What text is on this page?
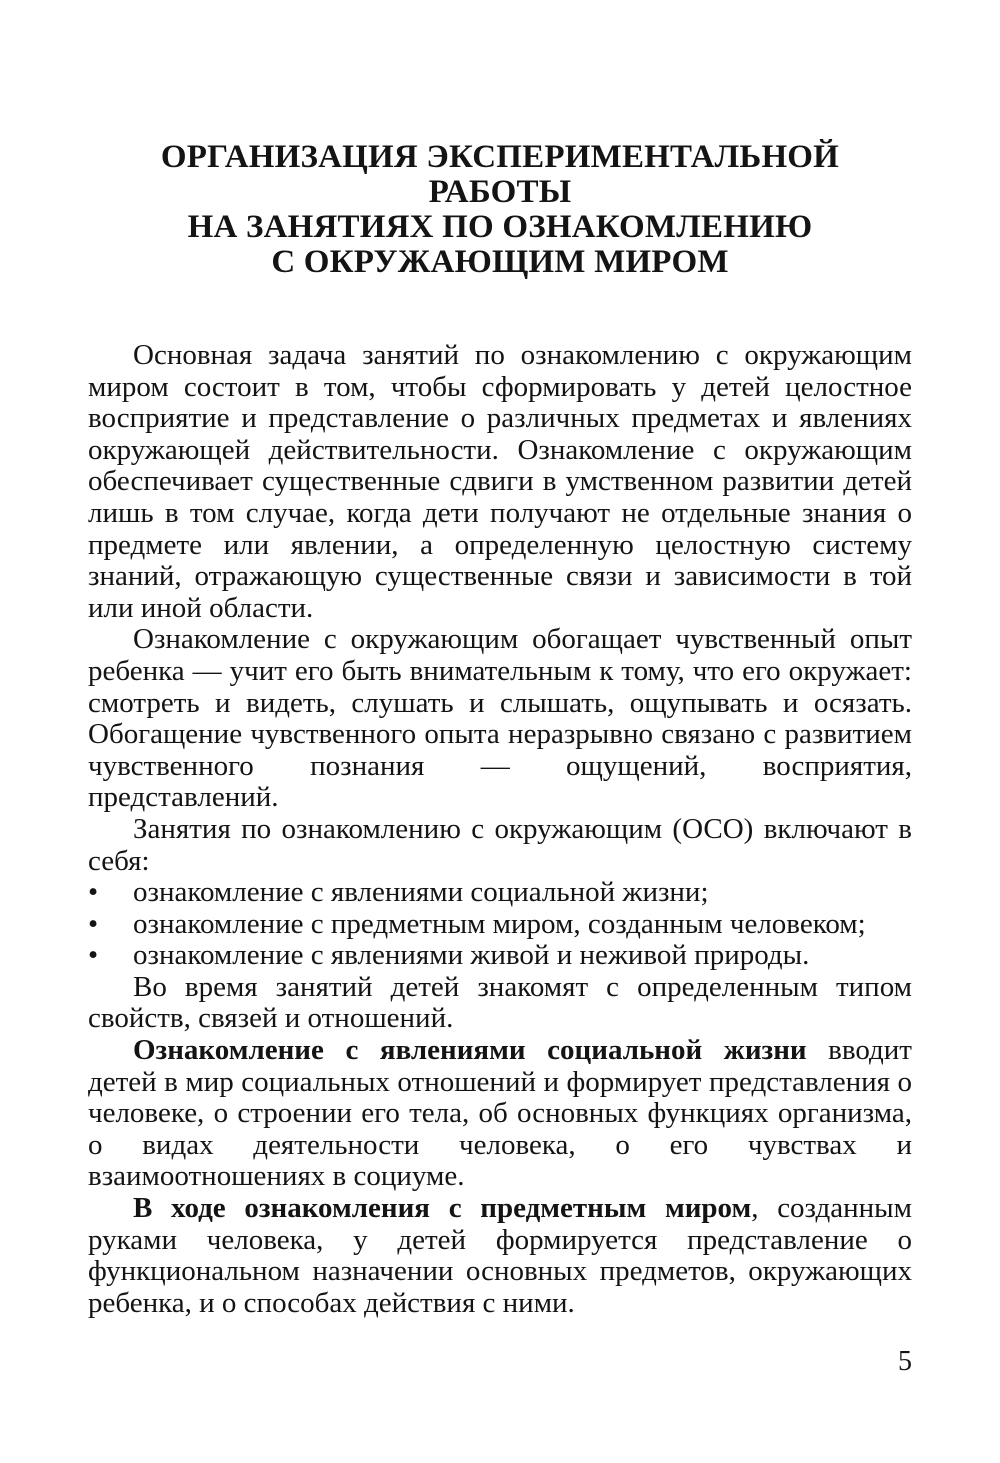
ОРГАНИЗАЦИЯ ЭКСПЕРИМЕНТАЛЬНОЙ РАБОТЫ
НА ЗАНЯТИЯХ ПО ОЗНАКОМЛЕНИЮ
С ОКРУЖАЮЩИМ МИРОМ

Основная задача занятий по ознакомлению с окружающим миром состоит в том, чтобы сформировать у детей целостное восприятие и представление о различных предметах и явлениях окружающей действительности. Ознакомление с окружающим обеспечивает существенные сдвиги в умственном развитии детей лишь в том случае, когда дети получают не отдельные знания о предмете или явлении, а определенную целостную систему знаний, отражающую существенные связи и зависимости в той или иной области.

Ознакомление с окружающим обогащает чувственный опыт ребенка — учит его быть внимательным к тому, что его окружает: смотреть и видеть, слушать и слышать, ощупывать и осязать. Обогащение чувственного опыта неразрывно связано с развитием чувственного познания — ощущений, восприятия, представлений.

Занятия по ознакомлению с окружающим (ОСО) включают в себя:

• ознакомление с явлениями социальной жизни;
• ознакомление с предметным миром, созданным человеком;
• ознакомление с явлениями живой и неживой природы.

Во время занятий детей знакомят с определенным типом свойств, связей и отношений.

Ознакомление с явлениями социальной жизни вводит детей в мир социальных отношений и формирует представления о человеке, о строении его тела, об основных функциях организма, о видах деятельности человека, о его чувствах и взаимоотношениях в социуме.

В ходе ознакомления с предметным миром, созданным руками человека, у детей формируется представление о функциональном назначении основных предметов, окружающих ребенка, и о способах действия с ними.

5
